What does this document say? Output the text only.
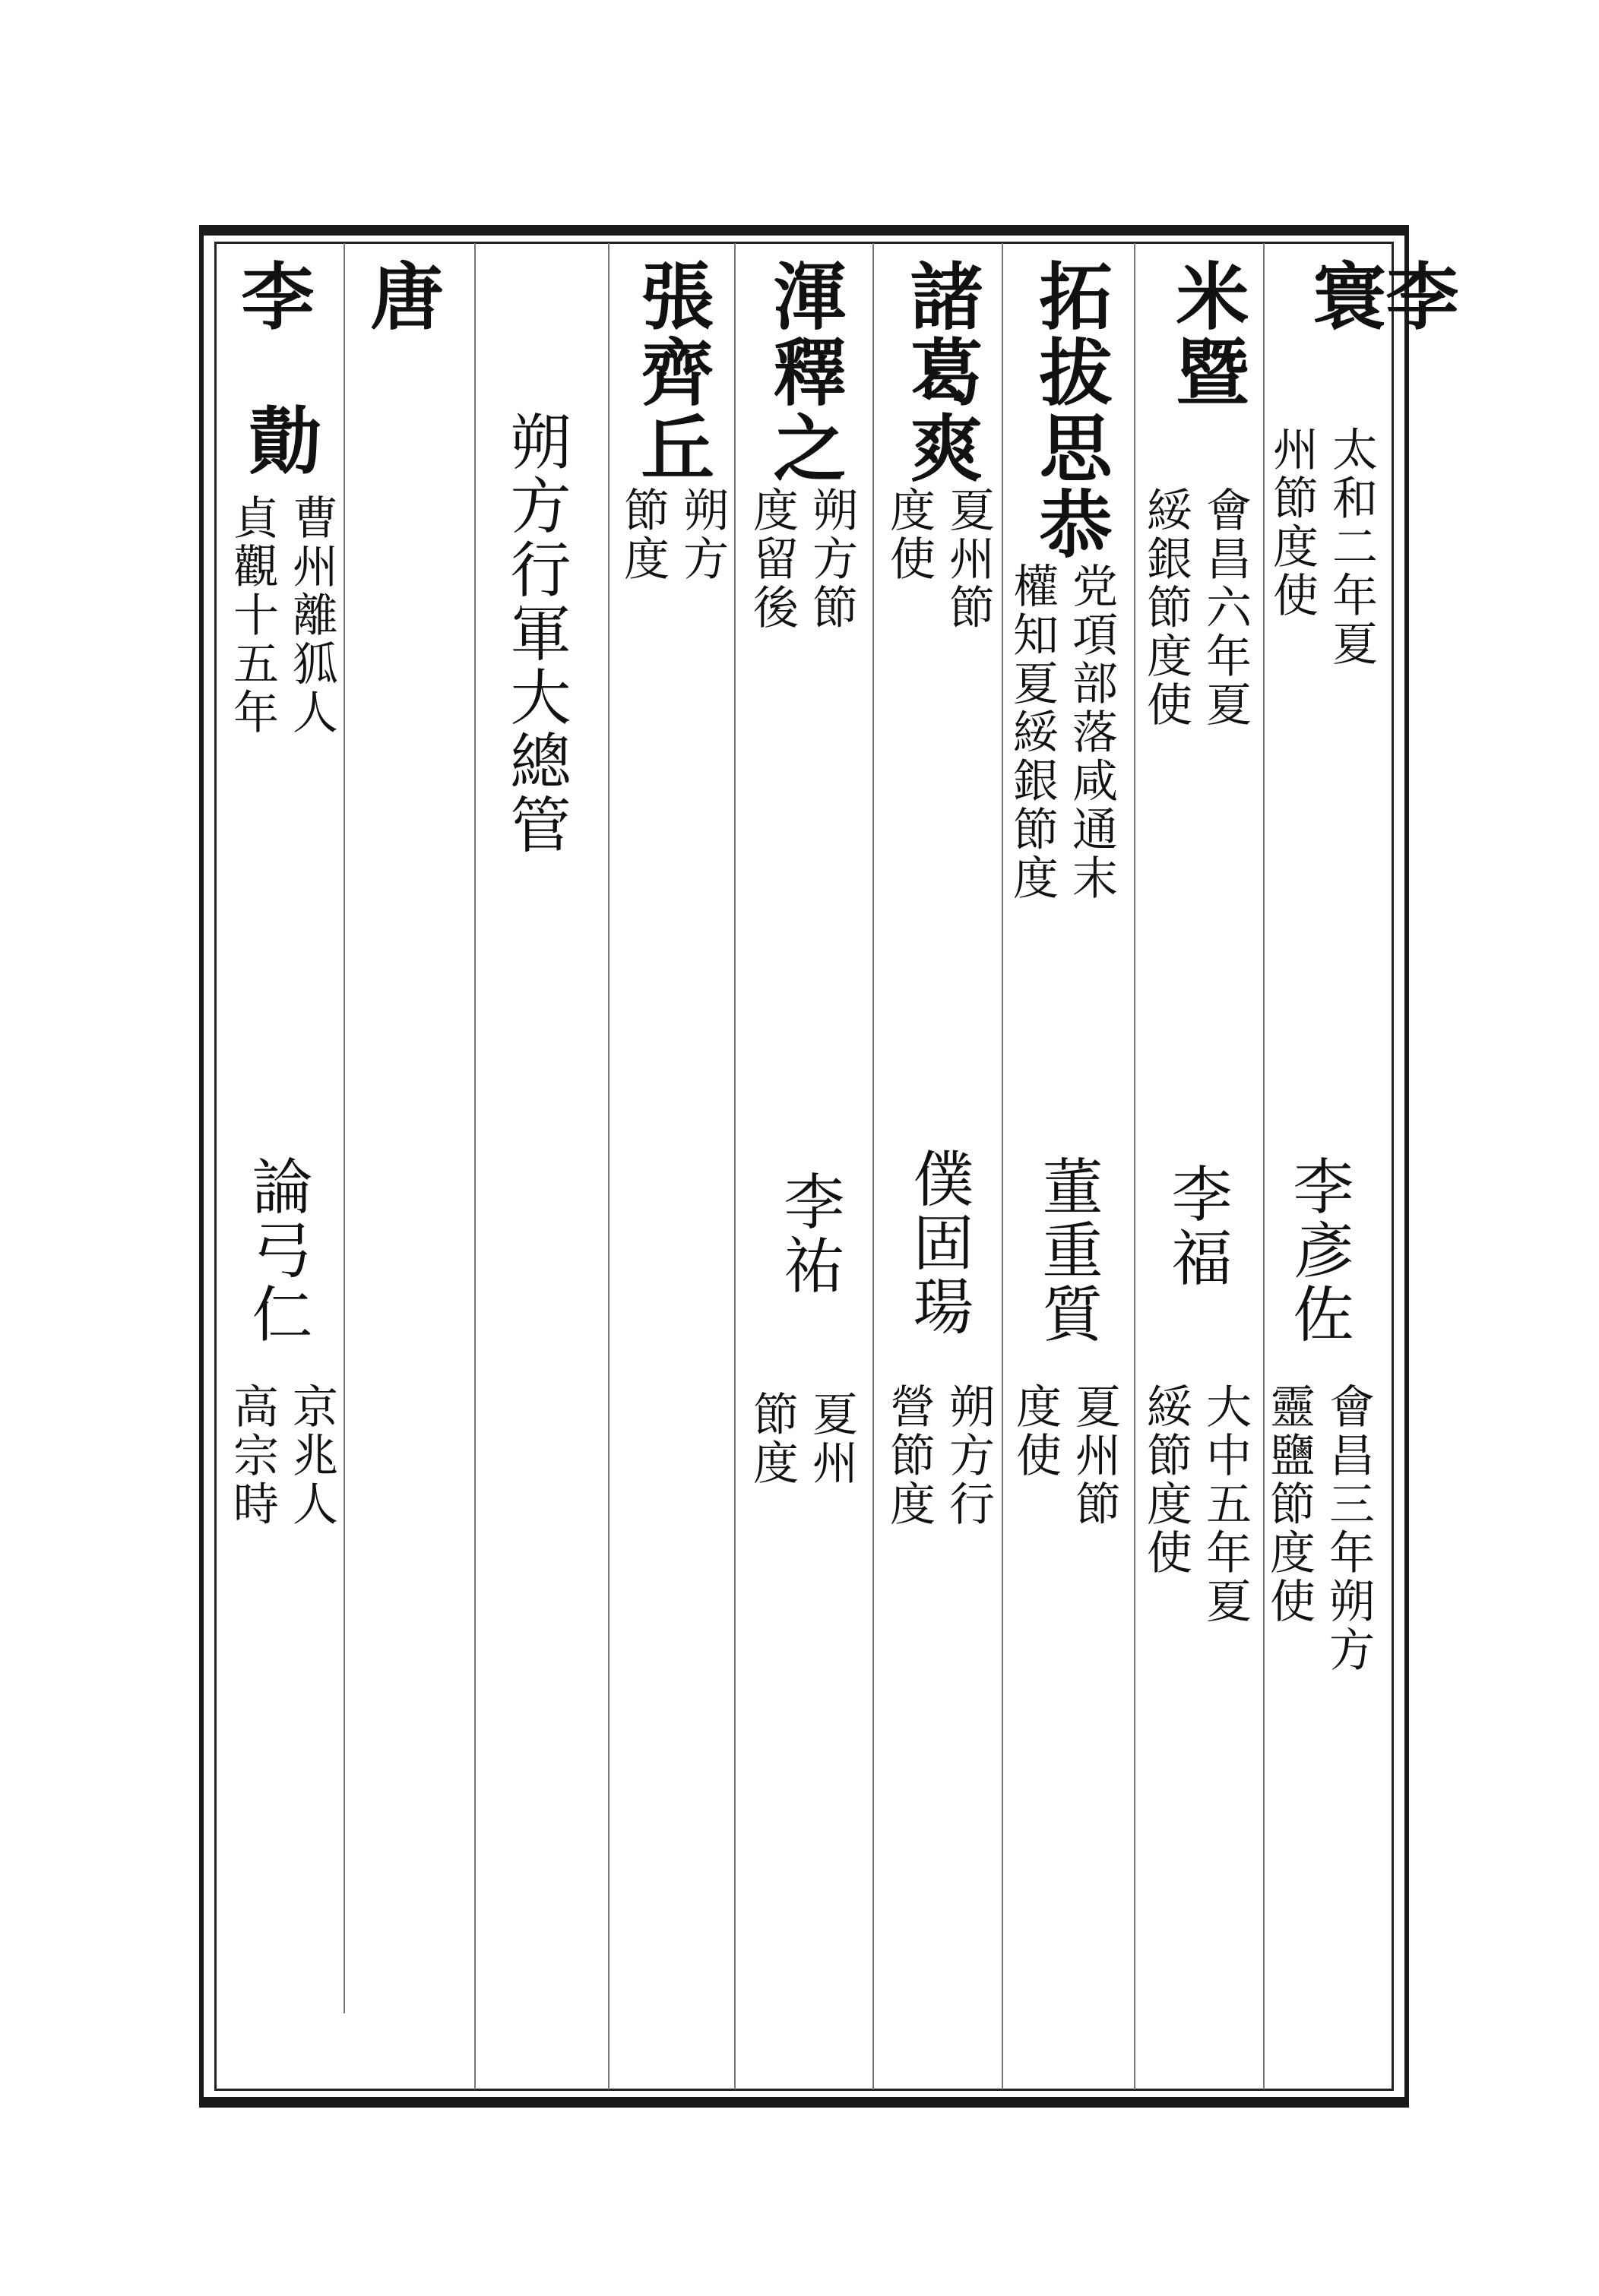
李寰
太和二年夏
州節度使
米暨
會昌六年夏
綏銀節度使
拓拔思恭
党項部落咸通末
權知夏綏銀節度
諸葛爽
夏州節
度使
渾釋之
朔方節
度留後
張齊丘
朔方
節度
朔方行軍大總管
唐
李
勣
曹州離狐人
貞觀十五年
李彥佐
會昌三年朔方
靈鹽節度使
李福
大中五年夏
綏節度使
董重質
夏州節
度使
僕固瑒
朔方行
營節度
李祐
夏州
節度
論弓仁
京兆人
高宗時
